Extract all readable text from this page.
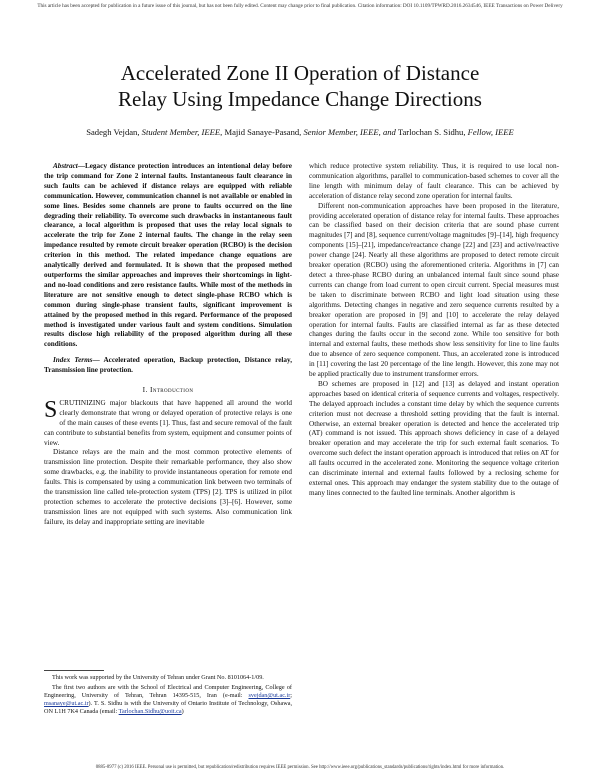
This article has been accepted for publication in a future issue of this journal, but has not been fully edited. Content may change prior to final publication. Citation information: DOI 10.1109/TPWRD.2016.2634546, IEEE Transactions on Power Delivery
Accelerated Zone II Operation of Distance
Relay Using Impedance Change Directions
Sadegh Vejdan, Student Member, IEEE, Majid Sanaye-Pasand, Senior Member, IEEE, and Tarlochan S. Sidhu, Fellow, IEEE

Abstract—Legacy distance protection introduces an intentional delay before the trip command for Zone 2 internal faults. Instantaneous fault clearance in such faults can be achieved if distance relays are equipped with reliable communication. However, communication channel is not available or enabled in some lines. Besides some channels are prone to faults occurred on the line degrading their reliability. To overcome such drawbacks in instantaneous fault clearance, a local algorithm is proposed that uses the relay local signals to accelerate the trip for Zone 2 internal faults. The change in the relay seen impedance resulted by remote circuit breaker operation (RCBO) is the decision criterion in this method. The related impedance change equations are analytically derived and formulated. It is shown that the proposed method outperforms the similar approaches and improves their shortcomings in light- and no-load conditions and zero resistance faults. While most of the methods in literature are not sensitive enough to detect single-phase RCBO which is common during single-phase transient faults, significant improvement is attained by the proposed method in this regard. Performance of the proposed method is investigated under various fault and system conditions. Simulation results disclose high reliability of the proposed algorithm during all these conditions.

Index Terms— Accelerated operation, Backup protection, Distance relay, Transmission line protection.

I. Introduction

SCRUTINIZING major blackouts that have happened all around the world clearly demonstrate that wrong or delayed operation of protective relays is one of the main causes of these events [1]. Thus, fast and secure removal of the fault can contribute to substantial benefits from system, equipment and consumer points of view.

Distance relays are the main and the most common protective elements of transmission line protection. Despite their remarkable performance, they also show some drawbacks, e.g. the inability to provide instantaneous operation for remote end faults. This is compensated by using a communication link between two terminals of the transmission line called tele-protection system (TPS) [2]. TPS is utilized in pilot protection schemes to accelerate the protective decisions [3]–[6]. However, some transmission lines are not equipped with such systems. Also communication link failure, its delay and inappropriate setting are inevitable

This work was supported by the University of Tehran under Grant No. 8101064-1/09.

The first two authors are with the School of Electrical and Computer Engineering, College of Engineering, University of Tehran, Tehran 14395-515, Iran (e-mail: svejdan@ut.ac.ir; msanaye@ut.ac.ir). T. S. Sidhu is with the University of Ontario Institute of Technology, Oshawa, ON L1H 7K4 Canada (email: Tarlochan.Sidhu@uoit.ca)

which reduce protective system reliability. Thus, it is required to use local non-communication algorithms, parallel to communication-based schemes to cover all the line length with minimum delay of fault clearance. This can be achieved by acceleration of distance relay second zone operation for internal faults.

Different non-communication approaches have been proposed in the literature, providing accelerated operation of distance relay for internal faults. These approaches can be classified based on their decision criteria that are sound phase current magnitudes [7] and [8], sequence current/voltage magnitudes [9]–[14], high frequency components [15]–[21], impedance/reactance change [22] and [23] and active/reactive power change [24]. Nearly all these algorithms are proposed to detect remote circuit breaker operation (RCBO) using the aforementioned criteria. Algorithms in [7] can detect a three-phase RCBO during an unbalanced internal fault since sound phase currents can change from load current to open circuit current. Special measures must be taken to discriminate between RCBO and light load situation using these algorithms. Detecting changes in negative and zero sequence currents resulted by a breaker operation are proposed in [9] and [10] to accelerate the relay delayed operation for internal faults. Faults are classified internal as far as these detected changes during the faults occur in the second zone. While too sensitive for both internal and external faults, these methods show less sensitivity for line to line faults due to absence of zero sequence component. Thus, an accelerated zone is introduced in [11] covering the last 20 percentage of the line length. However, this zone may not be applied practically due to instrument transformer errors.

BO schemes are proposed in [12] and [13] as delayed and instant operation approaches based on identical criteria of sequence currents and voltages, respectively. The delayed approach includes a constant time delay by which the sequence currents criterion must not decrease a threshold setting providing that the fault is internal. Otherwise, an external breaker operation is detected and hence the accelerated trip (AT) command is not issued. This approach shows deficiency in case of a delayed breaker operation and may accelerate the trip for such external fault scenarios. To overcome such defect the instant operation approach is introduced that relies on AT for all faults occurred in the accelerated zone. Monitoring the sequence voltage criterion can discriminate internal and external faults followed by a reclosing scheme for external ones. This approach may endanger the system stability due to the outage of many lines connected to the faulted line terminals. Another algorithm is

0885-8977 (c) 2016 IEEE. Personal use is permitted, but republication/redistribution requires IEEE permission. See http://www.ieee.org/publications_standards/publications/rights/index.html for more information.
